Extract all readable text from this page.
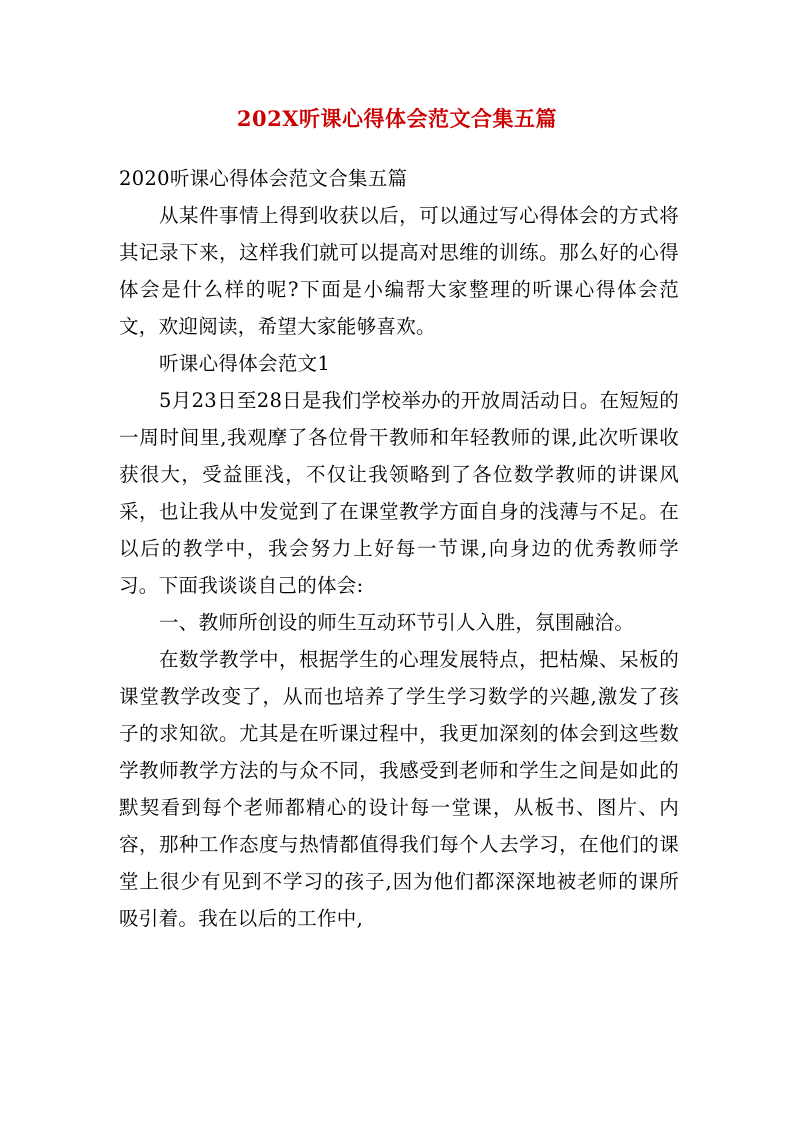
202X听课心得体会范文合集五篇

2020听课心得体会范文合集五篇

从某件事情上得到收获以后，可以通过写心得体会的方式将其记录下来，这样我们就可以提高对思维的训练。那么好的心得体会是什么样的呢?下面是小编帮大家整理的听课心得体会范文，欢迎阅读，希望大家能够喜欢。

听课心得体会范文1

5月23日至28日是我们学校举办的开放周活动日。在短短的一周时间里,我观摩了各位骨干教师和年轻教师的课,此次听课收获很大，受益匪浅，不仅让我领略到了各位数学教师的讲课风采，也让我从中发觉到了在课堂教学方面自身的浅薄与不足。在以后的教学中，我会努力上好每一节课,向身边的优秀教师学习。下面我谈谈自己的体会:

一、教师所创设的师生互动环节引人入胜，氛围融洽。

在数学教学中，根据学生的心理发展特点，把枯燥、呆板的课堂教学改变了，从而也培养了学生学习数学的兴趣,激发了孩子的求知欲。尤其是在听课过程中，我更加深刻的体会到这些数学教师教学方法的与众不同，我感受到老师和学生之间是如此的默契看到每个老师都精心的设计每一堂课，从板书、图片、内容，那种工作态度与热情都值得我们每个人去学习，在他们的课堂上很少有见到不学习的孩子,因为他们都深深地被老师的课所吸引着。我在以后的工作中,
